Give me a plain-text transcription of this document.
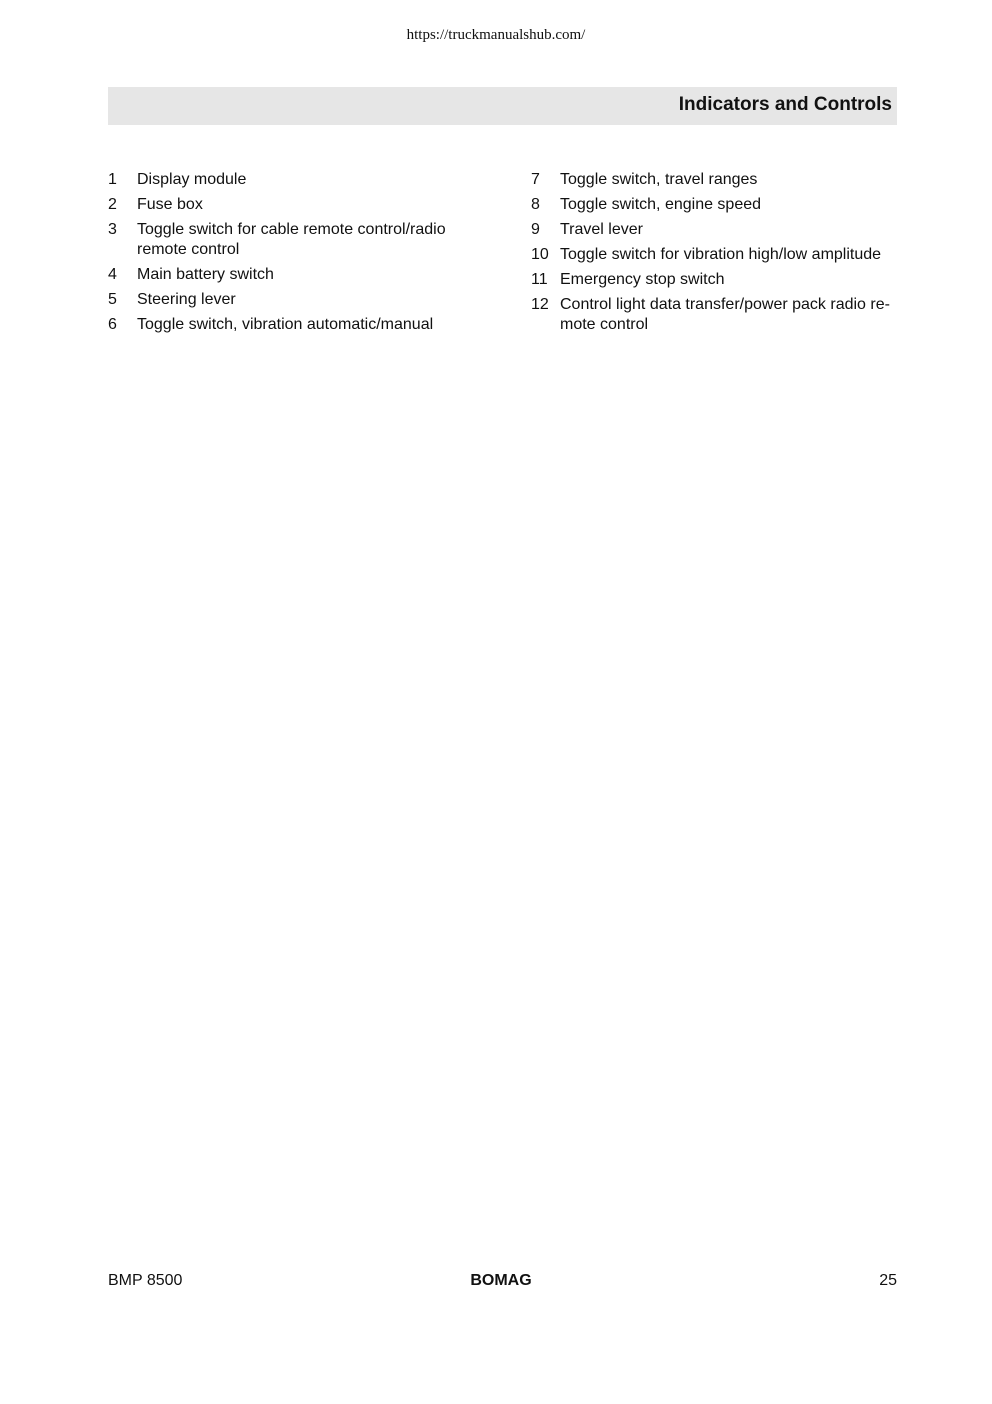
https://truckmanualshub.com/
Indicators and Controls
1	Display module
2	Fuse box
3	Toggle switch for cable remote control/radio remote control
4	Main battery switch
5	Steering lever
6	Toggle switch, vibration automatic/manual
7	Toggle switch, travel ranges
8	Toggle switch, engine speed
9	Travel lever
10 Toggle switch for vibration high/low amplitude
11 Emergency stop switch
12 Control light data transfer/power pack radio re-mote control
BMP 8500	BOMAG	25
